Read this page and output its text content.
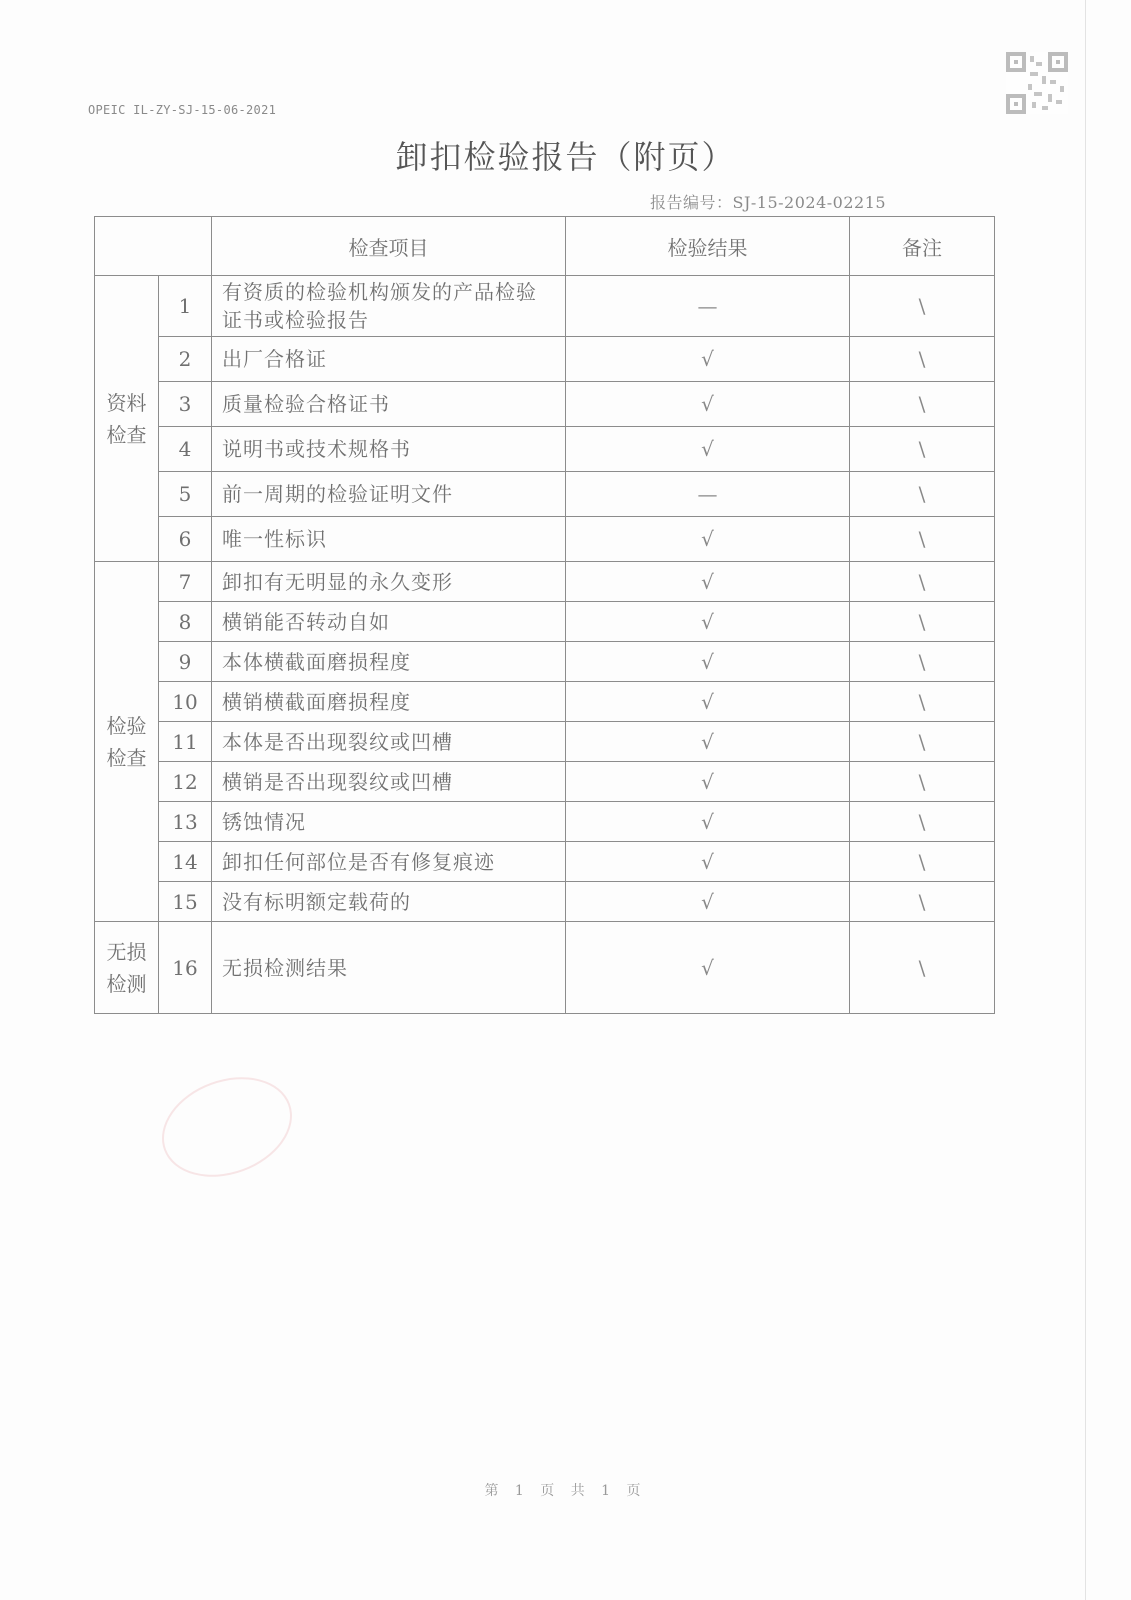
OPEIC IL-ZY-SJ-15-06-2021
卸扣检验报告（附页）
报告编号：SJ-15-2024-02215
		检查项目	检验结果	备注
资料检查	1	有资质的检验机构颁发的产品检验证书或检验报告	—	\
	2	出厂合格证	√	\
	3	质量检验合格证书	√	\
	4	说明书或技术规格书	√	\
	5	前一周期的检验证明文件	—	\
	6	唯一性标识	√	\
检验检查	7	卸扣有无明显的永久变形	√	\
	8	横销能否转动自如	√	\
	9	本体横截面磨损程度	√	\
	10	横销横截面磨损程度	√	\
	11	本体是否出现裂纹或凹槽	√	\
	12	横销是否出现裂纹或凹槽	√	\
	13	锈蚀情况	√	\
	14	卸扣任何部位是否有修复痕迹	√	\
	15	没有标明额定载荷的	√	\
无损检测	16	无损检测结果	√	\
第 1 页 共 1 页
